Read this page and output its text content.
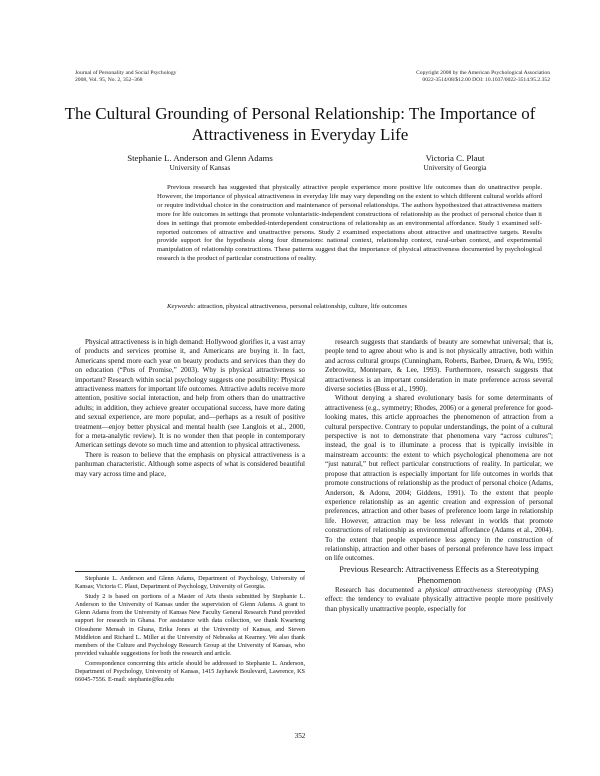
Journal of Personality and Social Psychology
2008, Vol. 95, No. 2, 352–368
Copyright 2008 by the American Psychological Association
0022-3514/08/$12.00 DOI: 10.1037/0022-3514.95.2.352
The Cultural Grounding of Personal Relationship: The Importance of Attractiveness in Everyday Life
Stephanie L. Anderson and Glenn Adams
University of Kansas
Victoria C. Plaut
University of Georgia
Previous research has suggested that physically attractive people experience more positive life outcomes than do unattractive people. However, the importance of physical attractiveness in everyday life may vary depending on the extent to which different cultural worlds afford or require individual choice in the construction and maintenance of personal relationships. The authors hypothesized that attractiveness matters more for life outcomes in settings that promote voluntaristic-independent constructions of relationship as the product of personal choice than it does in settings that promote embedded-interdependent constructions of relationship as an environmental affordance. Study 1 examined self-reported outcomes of attractive and unattractive persons. Study 2 examined expectations about attractive and unattractive targets. Results provide support for the hypothesis along four dimensions: national context, relationship context, rural-urban context, and experimental manipulation of relationship constructions. These patterns suggest that the importance of physical attractiveness documented by psychological research is the product of particular constructions of reality.
Keywords: attraction, physical attractiveness, personal relationship, culture, life outcomes

Physical attractiveness is in high demand: Hollywood glorifies it, a vast array of products and services promise it, and Americans are buying it. In fact, Americans spend more each year on beauty products and services than they do on education (“Pots of Promise,” 2003). Why is physical attractiveness so important? Research within social psychology suggests one possibility: Physical attractiveness matters for important life outcomes. Attractive adults receive more attention, positive social interaction, and help from others than do unattractive adults; in addition, they achieve greater occupational success, have more dating and sexual experience, are more popular, and—perhaps as a result of positive treatment—enjoy better physical and mental health (see Langlois et al., 2000, for a meta-analytic review). It is no wonder then that people in contemporary American settings devote so much time and attention to physical attractiveness.

There is reason to believe that the emphasis on physical attractiveness is a panhuman characteristic. Although some aspects of what is considered beautiful may vary across time and place,

Stephanie L. Anderson and Glenn Adams, Department of Psychology, University of Kansas; Victoria C. Plaut, Department of Psychology, University of Georgia.

Study 2 is based on portions of a Master of Arts thesis submitted by Stephanie L. Anderson to the University of Kansas under the supervision of Glenn Adams. A grant to Glenn Adams from the University of Kansas New Faculty General Research Fund provided support for research in Ghana. For assistance with data collection, we thank Kwarteng Ofosuhene Mensah in Ghana, Erika Jones at the University of Kansas, and Steven Middleton and Richard L. Miller at the University of Nebraska at Kearney. We also thank members of the Culture and Psychology Research Group at the University of Kansas, who provided valuable suggestions for both the research and article.

Correspondence concerning this article should be addressed to Stephanie L. Anderson, Department of Psychology, University of Kansas, 1415 Jayhawk Boulevard, Lawrence, KS 66045-7556. E-mail: stephanie@ku.edu

research suggests that standards of beauty are somewhat universal; that is, people tend to agree about who is and is not physically attractive, both within and across cultural groups (Cunningham, Roberts, Barbee, Druen, & Wu, 1995; Zebrowitz, Montepare, & Lee, 1993). Furthermore, research suggests that attractiveness is an important consideration in mate preference across several diverse societies (Buss et al., 1990).

Without denying a shared evolutionary basis for some determinants of attractiveness (e.g., symmetry; Rhodes, 2006) or a general preference for good-looking mates, this article approaches the phenomenon of attraction from a cultural perspective. Contrary to popular understandings, the point of a cultural perspective is not to demonstrate that phenomena vary “across cultures”; instead, the goal is to illuminate a process that is typically invisible in mainstream accounts: the extent to which psychological phenomena are not “just natural,” but reflect particular constructions of reality. In particular, we propose that attraction is especially important for life outcomes in worlds that promote constructions of relationship as the product of personal choice (Adams, Anderson, & Adonu, 2004; Giddens, 1991). To the extent that people experience relationship as an agentic creation and expression of personal preferences, attraction and other bases of preference loom large in relationship life. However, attraction may be less relevant in worlds that promote constructions of relationship as environmental affordance (Adams et al., 2004). To the extent that people experience less agency in the construction of relationship, attraction and other bases of personal preference have less impact on life outcomes.

Previous Research: Attractiveness Effects as a Stereotyping Phenomenon

Research has documented a physical attractiveness stereotyping (PAS) effect: the tendency to evaluate physically attractive people more positively than physically unattractive people, especially for

352
